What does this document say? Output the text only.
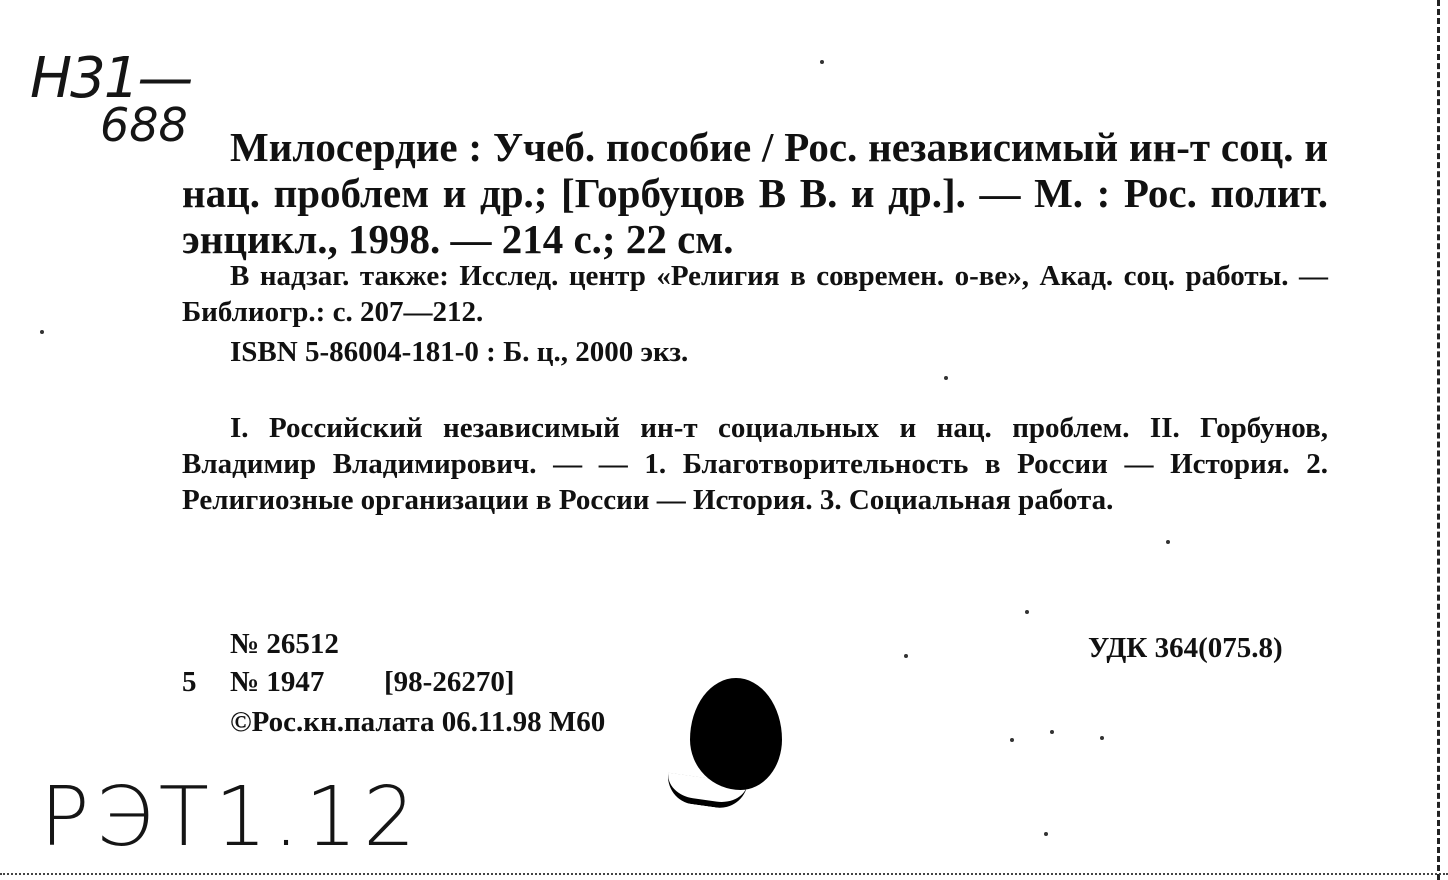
Н31—
688	Милосердие : Учеб. пособие / Рос. независимый ин-т соц. и нац. проблем и др.; [Горбуцов В В. и др.]. — М. : Рос. полит. энцикл., 1998. — 214 с.; 22 см.
В надзаг. также: Исслед. центр «Религия в современ. о-ве», Акад. соц. работы. — Библиогр.: с. 207—212.
ISBN 5-86004-181-0 : Б. ц., 2000 экз.
I. Российский независимый ин-т социальных и нац. проблем. II. Горбунов, Владимир Владимирович. — — 1. Благотворительность в России — История. 2. Религиозные организации в России — История. 3. Социальная работа.
№ 26512
5 № 1947 [98-26270]
©Рос.кн.палата 06.11.98 М60
УДК 364(075.8)
РЭТ1.12
